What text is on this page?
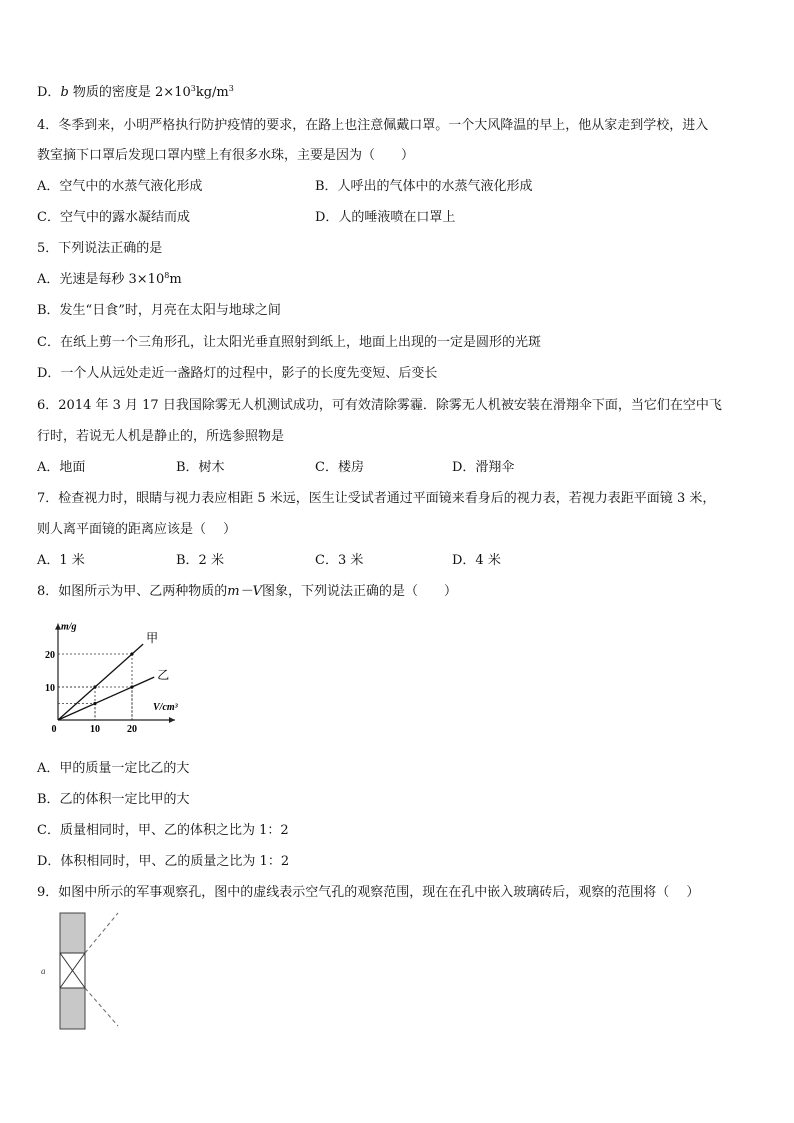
D．b 物质的密度是 $2\times 10^3kg/m^3$
4．冬季到来，小明严格执行防护疫情的要求，在路上也注意佩戴口罩。一个大风降温的早上，他从家走到学校，进入
教室摘下口罩后发现口罩内壁上有很多水珠，主要是因为（　　）
A．空气中的水蒸气液化形成	B．人呼出的气体中的水蒸气液化形成
C．空气中的露水凝结而成	D．人的唾液喷在口罩上
5．下列说法正确的是
A．光速是每秒 $3\times 10^8m$
B．发生“日食”时，月亮在太阳与地球之间
C．在纸上剪一个三角形孔，让太阳光垂直照射到纸上，地面上出现的一定是圆形的光斑
D．一个人从远处走近一盏路灯的过程中，影子的长度先变短、后变长
6．2014 年 3 月 17 日我国除雾无人机测试成功，可有效清除雾霾．除雾无人机被安装在滑翔伞下面，当它们在空中飞
行时，若说无人机是静止的，所选参照物是
A．地面	B．树木	C．楼房	D．滑翔伞
7．检查视力时，眼睛与视力表应相距 5 米远，医生让受试者通过平面镜来看身后的视力表，若视力表距平面镜 3 米，
则人离平面镜的距离应该是（　 ）
A．1 米	B．2 米	C．3 米	D．4 米
8．如图所示为甲、乙两种物质的m－V图象，下列说法正确的是（　　）
m/g
V/cm³
0	10	20
10
20
甲
乙
A．甲的质量一定比乙的大
B．乙的体积一定比甲的大
C．质量相同时，甲、乙的体积之比为 1：2
D．体积相同时，甲、乙的质量之比为 1：2
9．如图中所示的军事观察孔，图中的虚线表示空气孔的观察范围，现在在孔中嵌入玻璃砖后，观察的范围将（　 ）
a
